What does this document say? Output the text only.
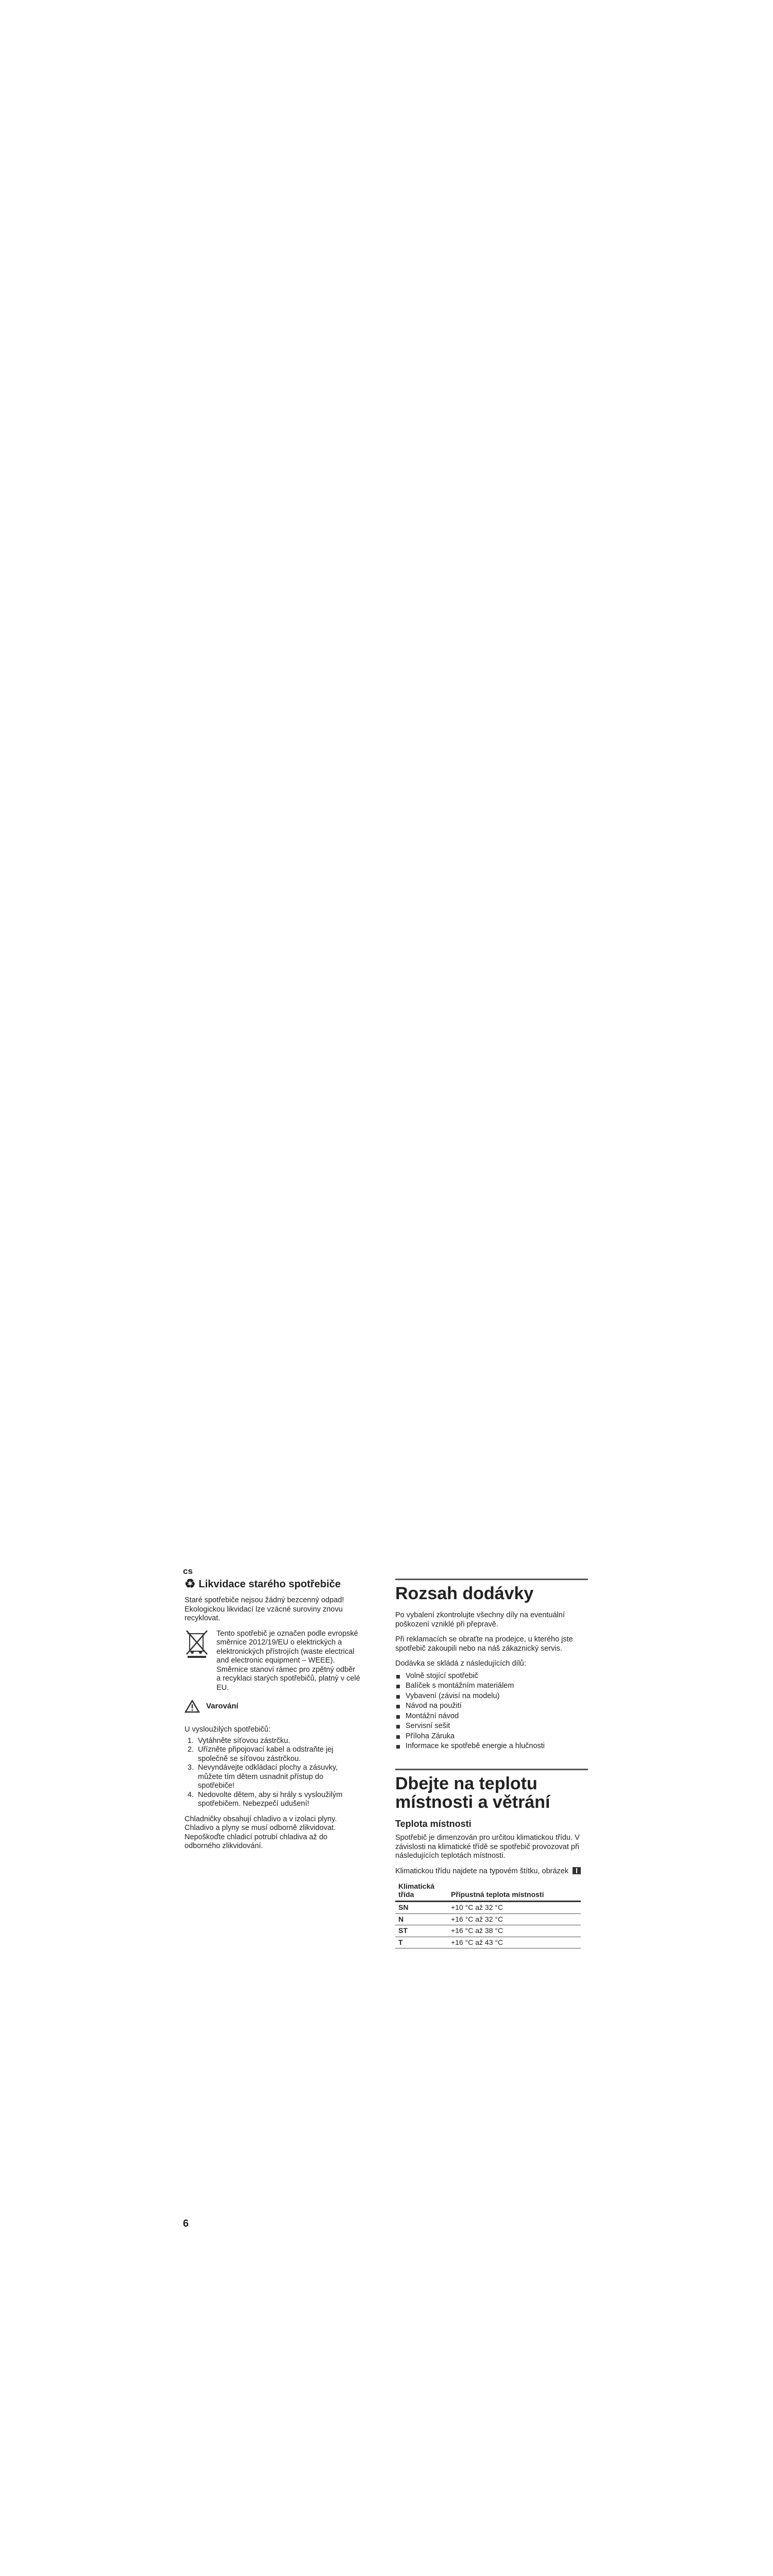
cs
♻ Likvidace starého spotřebiče

Staré spotřebiče nejsou žádný bezcenný odpad! Ekologickou likvidací lze vzácné suroviny znovu recyklovat.

Tento spotřebič je označen podle evropské směrnice 2012/19/EU o elektrických a elektronických přístrojích (waste electrical and electronic equipment – WEEE). Směrnice stanoví rámec pro zpětný odběr a recyklaci starých spotřebičů, platný v celé EU.

Varování

U vysloužilých spotřebičů:

1. Vytáhněte síťovou zástrčku.
2. Uřízněte připojovací kabel a odstraňte jej společně se síťovou zástrčkou.
3. Nevyndávejte odkládací plochy a zásuvky, můžete tím dětem usnadnit přístup do spotřebiče!
4. Nedovolte dětem, aby si hrály s vysloužilým spotřebičem. Nebezpečí udušení!

Chladničky obsahují chladivo a v izolaci plyny. Chladivo a plyny se musí odborně zlikvidovat. Nepoškoďte chladicí potrubí chladiva až do odborného zlikvidování.

Rozsah dodávky

Po vybalení zkontrolujte všechny díly na eventuální poškození vzniklé při přepravě.

Při reklamacích se obraťte na prodejce, u kterého jste spotřebič zakoupili nebo na náš zákaznický servis.

Dodávka se skládá z následujících dílů:

Volně stojící spotřebič
Balíček s montážním materiálem
Vybavení (závisí na modelu)
Návod na použití
Montážní návod
Servisní sešit
Příloha Záruka
Informace ke spotřebě energie a hlučnosti
Dbejte na teplotu místnosti a větrání
Teplota místnosti

Spotřebič je dimenzován pro určitou klimatickou třídu. V závislosti na klimatické třídě se spotřebič provozovat při následujících teplotách místnosti.

Klimatickou třídu najdete na typovém štítku, obrázek

Klimatická třída	Přípustná teplota místnosti
SN	+10 °C až 32 °C
N	+16 °C až 32 °C
ST	+16 °C až 38 °C
T	+16 °C až 43 °C
6
